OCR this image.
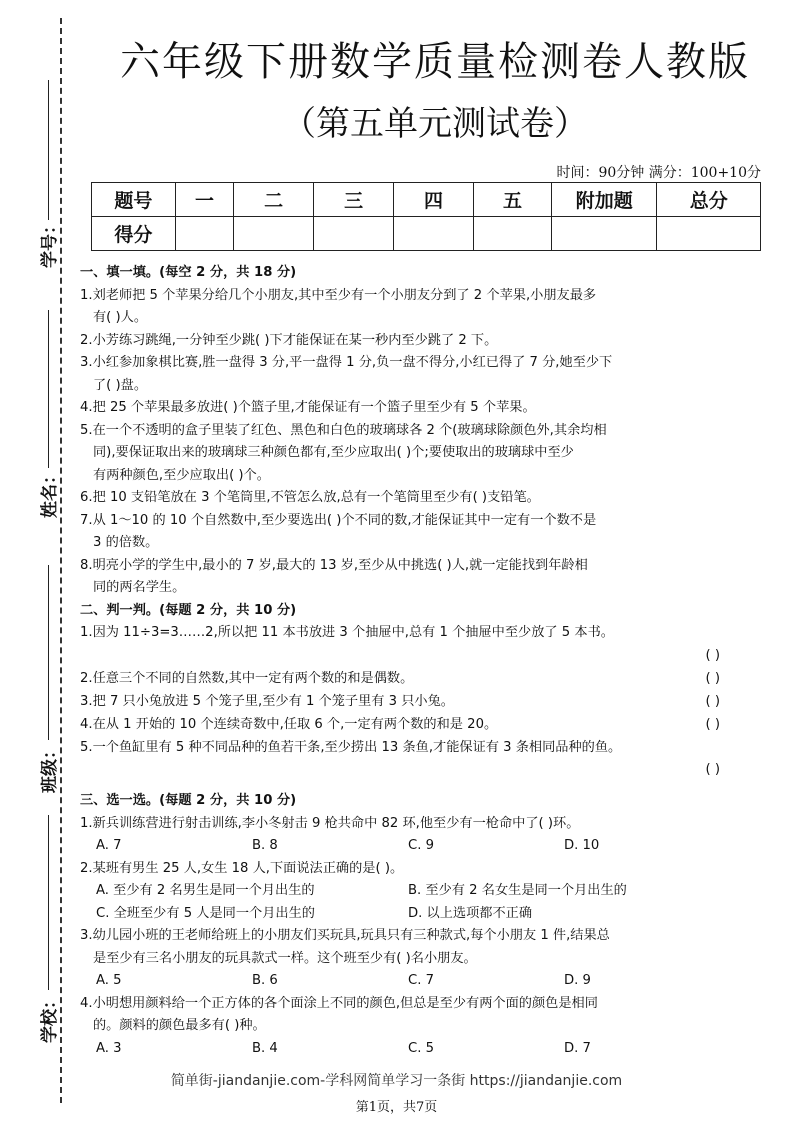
学号：
姓名：
班级：
学校：
六年级下册数学质量检测卷人教版
（第五单元测试卷）
时间：90分钟 满分：100+10分
题号	一	二	三	四	五	附加题	总分
得分							
一、填一填。(每空 2 分，共 18 分)
1.刘老师把 5 个苹果分给几个小朋友,其中至少有一个小朋友分到了 2 个苹果,小朋友最多
有( )人。
2.小芳练习跳绳,一分钟至少跳( )下才能保证在某一秒内至少跳了 2 下。
3.小红参加象棋比赛,胜一盘得 3 分,平一盘得 1 分,负一盘不得分,小红已得了 7 分,她至少下
了( )盘。
4.把 25 个苹果最多放进( )个篮子里,才能保证有一个篮子里至少有 5 个苹果。
5.在一个不透明的盒子里装了红色、黑色和白色的玻璃球各 2 个(玻璃球除颜色外,其余均相
同),要保证取出来的玻璃球三种颜色都有,至少应取出( )个;要使取出的玻璃球中至少
有两种颜色,至少应取出( )个。
6.把 10 支铅笔放在 3 个笔筒里,不管怎么放,总有一个笔筒里至少有( )支铅笔。
7.从 1～10 的 10 个自然数中,至少要选出( )个不同的数,才能保证其中一定有一个数不是
3 的倍数。
8.明亮小学的学生中,最小的 7 岁,最大的 13 岁,至少从中挑选( )人,就一定能找到年龄相
同的两名学生。
二、判一判。(每题 2 分，共 10 分)
1.因为 11÷3=3……2,所以把 11 本书放进 3 个抽屉中,总有 1 个抽屉中至少放了 5 本书。
( )
2.任意三个不同的自然数,其中一定有两个数的和是偶数。	( )
3.把 7 只小兔放进 5 个笼子里,至少有 1 个笼子里有 3 只小兔。	( )
4.在从 1 开始的 10 个连续奇数中,任取 6 个,一定有两个数的和是 20。	( )
5.一个鱼缸里有 5 种不同品种的鱼若干条,至少捞出 13 条鱼,才能保证有 3 条相同品种的鱼。
( )
三、选一选。(每题 2 分，共 10 分)
1.新兵训练营进行射击训练,李小冬射击 9 枪共命中 82 环,他至少有一枪命中了( )环。
A. 7	B. 8	C. 9	D. 10
2.某班有男生 25 人,女生 18 人,下面说法正确的是( )。
A. 至少有 2 名男生是同一个月出生的	B. 至少有 2 名女生是同一个月出生的
C. 全班至少有 5 人是同一个月出生的	D. 以上选项都不正确
3.幼儿园小班的王老师给班上的小朋友们买玩具,玩具只有三种款式,每个小朋友 1 件,结果总
是至少有三名小朋友的玩具款式一样。这个班至少有( )名小朋友。
A. 5	B. 6	C. 7	D. 9
4.小明想用颜料给一个正方体的各个面涂上不同的颜色,但总是至少有两个面的颜色是相同
的。颜料的颜色最多有( )种。
A. 3	B. 4	C. 5	D. 7
简单街-jiandanjie.com-学科网简单学习一条街 https://jiandanjie.com
第1页，共7页
